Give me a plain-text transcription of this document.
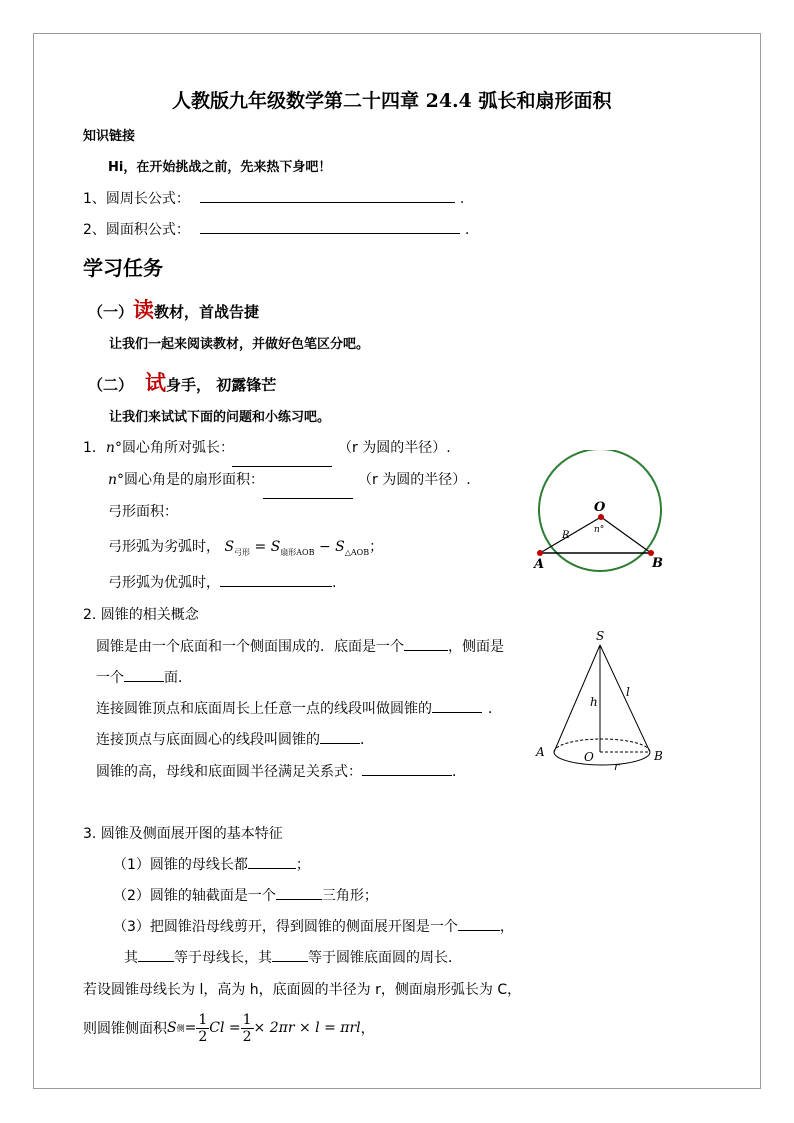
人教版九年级数学第二十四章 24.4 弧长和扇形面积
知识链接
Hi，在开始挑战之前，先来热下身吧！
1、圆周长公式：	.
2、圆面积公式：	.
学习任务
（一）读教材，首战告捷
让我们一起来阅读教材，并做好色笔区分吧。
（二） 试身手， 初露锋芒
让我们来试试下面的问题和小练习吧。
1．n°圆心角所对弧长：	（r 为圆的半径）.
n°圆心角是的扇形面积：	（r 为圆的半径）.
弓形面积：
弓形弧为劣弧时， $S_{弓形} = S_{扇形AOB} - S_{\triangle AOB}$；
弓形弧为优弧时，	.
O
A	B
R	n°
2. 圆锥的相关概念
圆锥是由一个底面和一个侧面围成的．底面是一个	，侧面是
一个	面．
连接圆锥顶点和底面周长上任意一点的线段叫做圆锥的	．
连接顶点与底面圆心的线段叫圆锥的	．
圆锥的高，母线和底面圆半径满足关系式：	．
S
h
l
A	O	B
r
3. 圆锥及侧面展开图的基本特征
（1）圆锥的母线长都	；
（2）圆锥的轴截面是一个	三角形；
（3）把圆锥沿母线剪开，得到圆锥的侧面展开图是一个	，
其	等于母线长，其	等于圆锥底面圆的周长．
若设圆锥母线长为 l，高为 h，底面圆的半径为 r，侧面扇形弧长为 C，
则圆锥侧面积 S 侧 = $\frac{1}{2}$ $Cl = \frac{1}{2} \times 2\pi r \times l = \pi rl$ ，
